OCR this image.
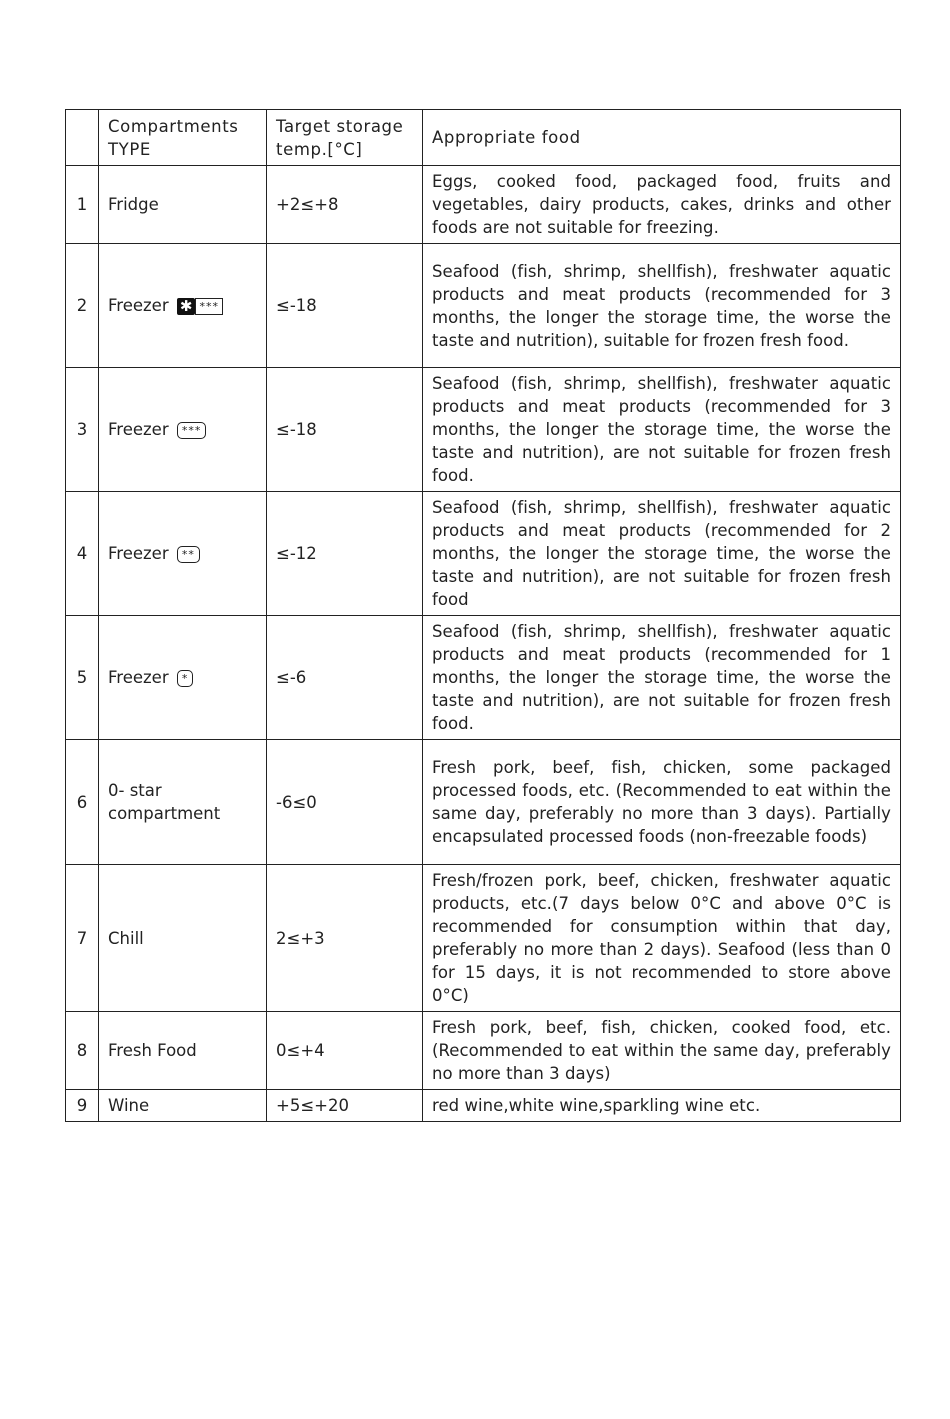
	Compartments TYPE	Target storage temp.[°C]	Appropriate food
1	Fridge	+2≤+8	Eggs, cooked food, packaged food, fruits and vegetables, dairy products, cakes, drinks and other foods are not suitable for freezing.
2	Freezer ✱ ***	≤-18	Seafood (fish, shrimp, shellfish), freshwater aquatic products and meat products (recommended for 3 months, the longer the storage time, the worse the taste and nutrition), suitable for frozen fresh food.
3	Freezer ***	≤-18	Seafood (fish, shrimp, shellfish), freshwater aquatic products and meat products (recommended for 3 months, the longer the storage time, the worse the taste and nutrition), are not suitable for frozen fresh food.
4	Freezer **	≤-12	Seafood (fish, shrimp, shellfish), freshwater aquatic products and meat products (recommended for 2 months, the longer the storage time, the worse the taste and nutrition), are not suitable for frozen fresh food
5	Freezer *	≤-6	Seafood (fish, shrimp, shellfish), freshwater aquatic products and meat products (recommended for 1 months, the longer the storage time, the worse the taste and nutrition), are not suitable for frozen fresh food.
6	0- star compartment	-6≤0	Fresh pork, beef, fish, chicken, some packaged processed foods, etc. (Recommended to eat within the same day, preferably no more than 3 days). Partially encapsulated processed foods (non-freezable foods)
7	Chill	2≤+3	Fresh/frozen pork, beef, chicken, freshwater aquatic products, etc.(7 days below 0°C and above 0°C is recommended for consumption within that day, preferably no more than 2 days). Seafood (less than 0 for 15 days, it is not recommended to store above 0°C)
8	Fresh Food	0≤+4	Fresh pork, beef, fish, chicken, cooked food, etc. (Recommended to eat within the same day, preferably no more than 3 days)
9	Wine	+5≤+20	red wine,white wine,sparkling wine etc.
